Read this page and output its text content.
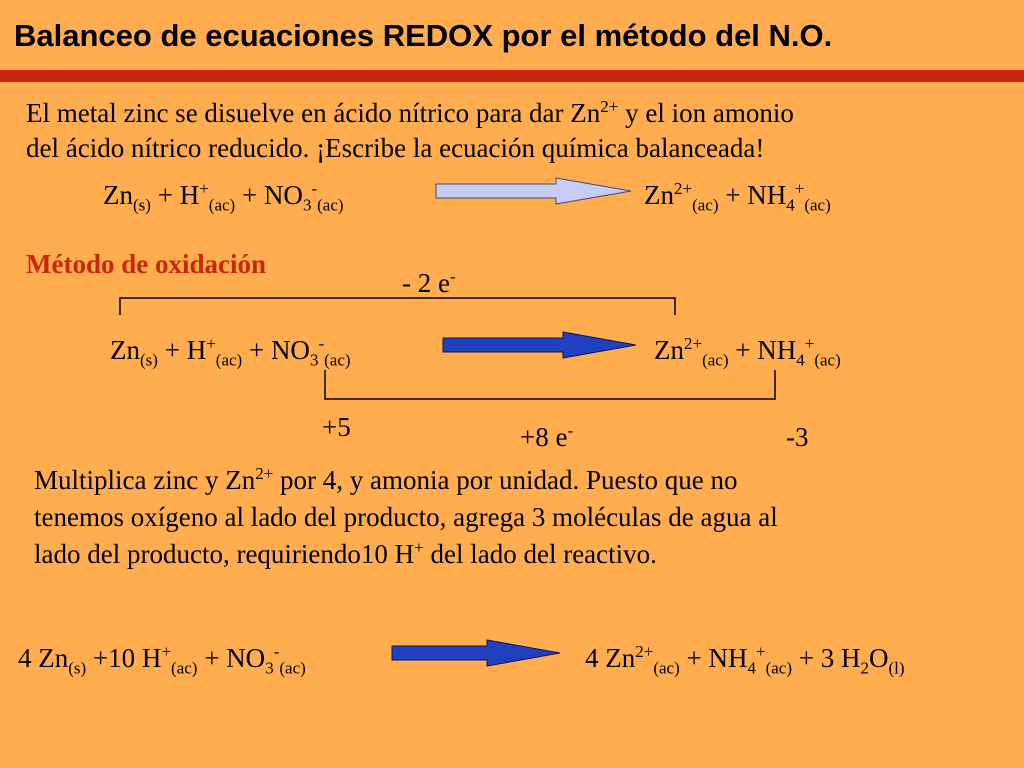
Balanceo de ecuaciones REDOX por el método del N.O.
El metal zinc se disuelve en ácido nítrico para dar $Zn^{2+}$ y el ion amonio
del ácido nítrico reducido. ¡Escribe la ecuación química balanceada!
$Zn_{(s)} + H^+_{(ac)} + NO_3^-_{(ac)}$	$Zn^{2+}_{(ac)} + NH_4^+_{(ac)}$
Método de oxidación
- 2 e-
$Zn_{(s)} + H^+_{(ac)} + NO_3^-_{(ac)}$	$Zn^{2+}_{(ac)} + NH_4^+_{(ac)}$
+5	+8 e-	-3
Multiplica zinc y $Zn^{2+}$ por 4, y amonia por unidad. Puesto que no
tenemos oxígeno al lado del producto, agrega 3 moléculas de agua al
lado del producto, requiriendo10 H+ del lado del reactivo.
4 $Zn_{(s)} +10$ $H^+_{(ac)} + NO_3^-_{(ac)}$	4 $Zn^{2+}_{(ac)} + NH_4^+_{(ac)} + 3$ $H_2O_{(l)}$
